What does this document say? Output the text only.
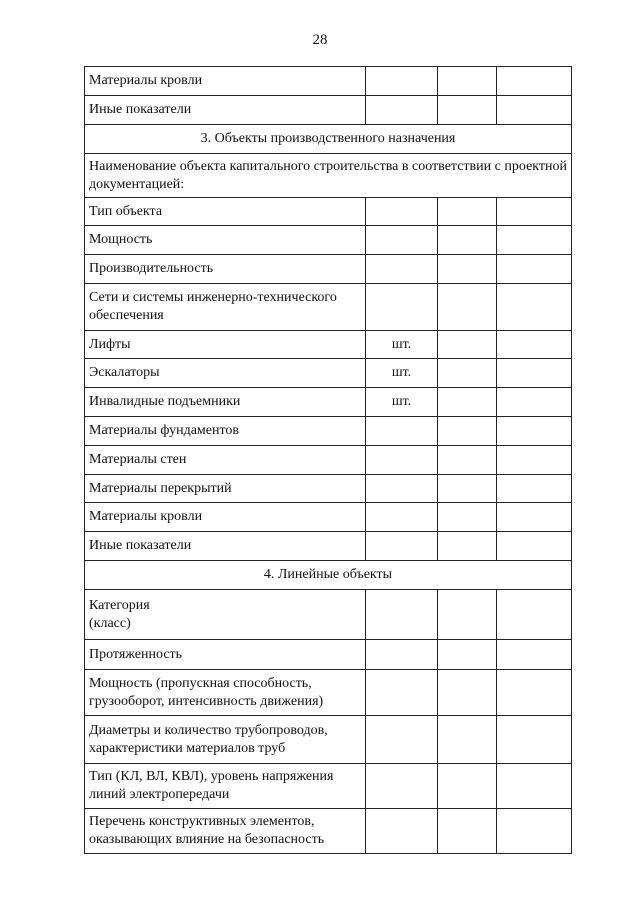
28
Материалы кровли			
Иные показатели			
3. Объекты производственного назначения			
Наименование объекта капитального строительства в соответствии с проектной документацией:			
Тип объекта			
Мощность			
Производительность			
Сети и системы инженерно-технического обеспечения			
Лифты	шт.		
Эскалаторы	шт.		
Инвалидные подъемники	шт.		
Материалы фундаментов			
Материалы стен			
Материалы перекрытий			
Материалы кровли			
Иные показатели			
4. Линейные объекты			
Категория
(класс)			
Протяженность			
Мощность (пропускная способность, грузооборот, интенсивность движения)			
Диаметры и количество трубопроводов, характеристики материалов труб			
Тип (КЛ, ВЛ, КВЛ), уровень напряжения линий электропередачи			
Перечень конструктивных элементов, оказывающих влияние на безопасность			
